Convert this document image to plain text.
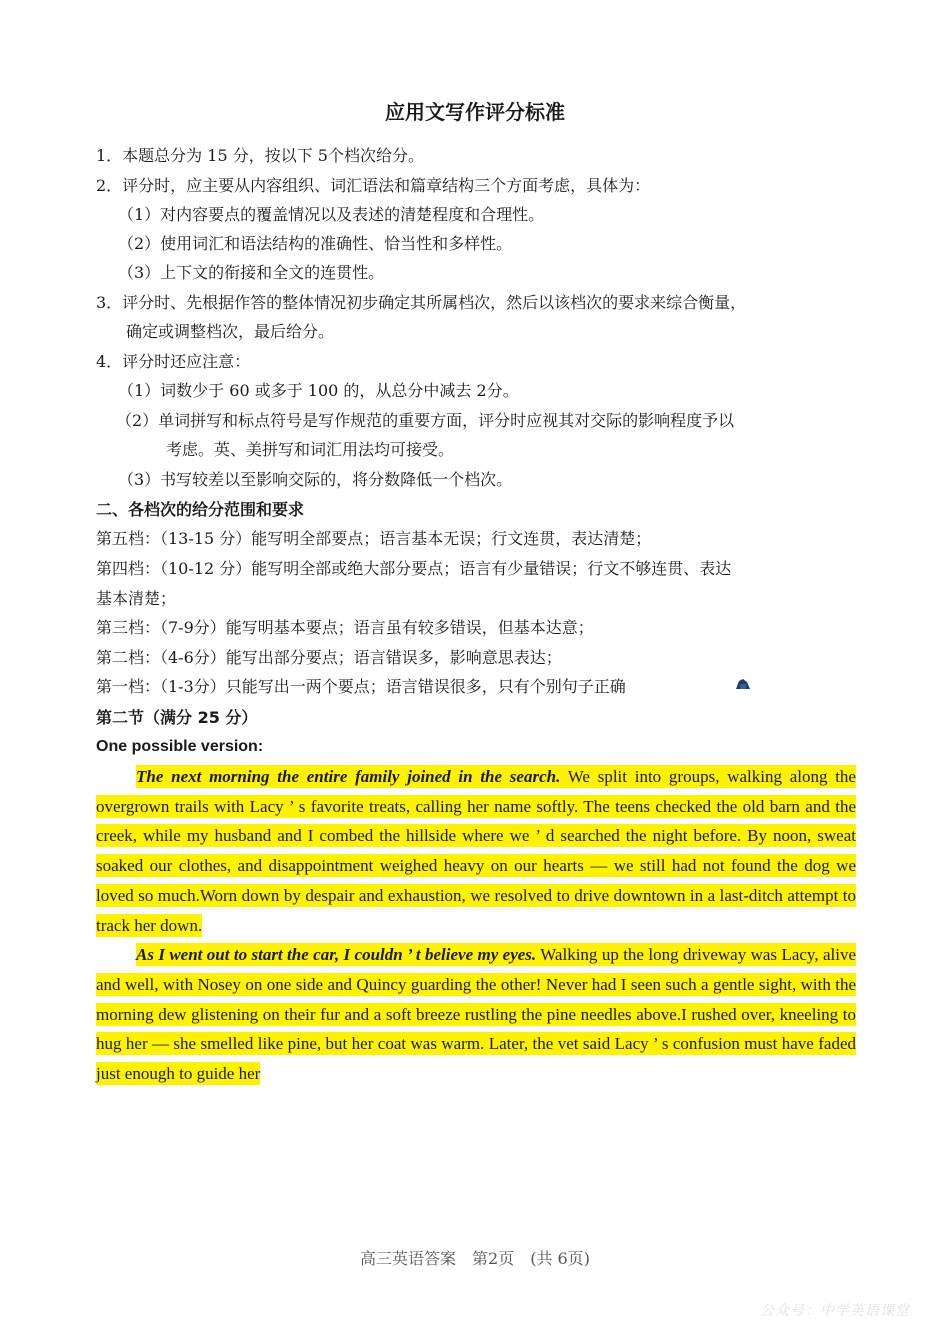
应用文写作评分标准
1．本题总分为 15 分，按以下 5个档次给分。
2．评分时，应主要从内容组织、词汇语法和篇章结构三个方面考虑，具体为：
（1）对内容要点的覆盖情况以及表述的清楚程度和合理性。
（2）使用词汇和语法结构的准确性、恰当性和多样性。
（3）上下文的衔接和全文的连贯性。
3．评分时、先根据作答的整体情况初步确定其所属档次，然后以该档次的要求来综合衡量，
确定或调整档次，最后给分。
4．评分时还应注意：
（1）词数少于 60 或多于 100 的，从总分中减去 2分。
（2）单词拼写和标点符号是写作规范的重要方面，评分时应视其对交际的影响程度予以
考虑。英、美拼写和词汇用法均可接受。
（3）书写较差以至影响交际的，将分数降低一个档次。
二、各档次的给分范围和要求
第五档：（13-15 分）能写明全部要点；语言基本无误；行文连贯，表达清楚；
第四档：（10-12 分）能写明全部或绝大部分要点；语言有少量错误；行文不够连贯、表达
基本清楚；
第三档：（7-9分）能写明基本要点；语言虽有较多错误，但基本达意；
第二档：（4-6分）能写出部分要点；语言错误多，影响意思表达；
第一档：（1-3分）只能写出一两个要点；语言错误很多，只有个别句子正确
第二节（满分 25 分）
One possible version:

The next morning the entire family joined in the search. We split into groups, walking along the overgrown trails with Lacy ’ s favorite treats, calling her name softly. The teens checked the old barn and the creek, while my husband and I combed the hillside where we ’ d searched the night before. By noon, sweat soaked our clothes, and disappointment weighed heavy on our hearts — we still had not found the dog we loved so much.Worn down by despair and exhaustion, we resolved to drive downtown in a last-ditch attempt to track her down.

As I went out to start the car, I couldn ’ t believe my eyes. Walking up the long driveway was Lacy, alive and well, with Nosey on one side and Quincy guarding the other! Never had I seen such a gentle sight, with the morning dew glistening on their fur and a soft breeze rustling the pine needles above.I rushed over, kneeling to hug her — she smelled like pine, but her coat was warm. Later, the vet said Lacy ’ s confusion must have faded just enough to guide her

高三英语答案　第2页　(共 6页)
公众号：中学英语课堂
